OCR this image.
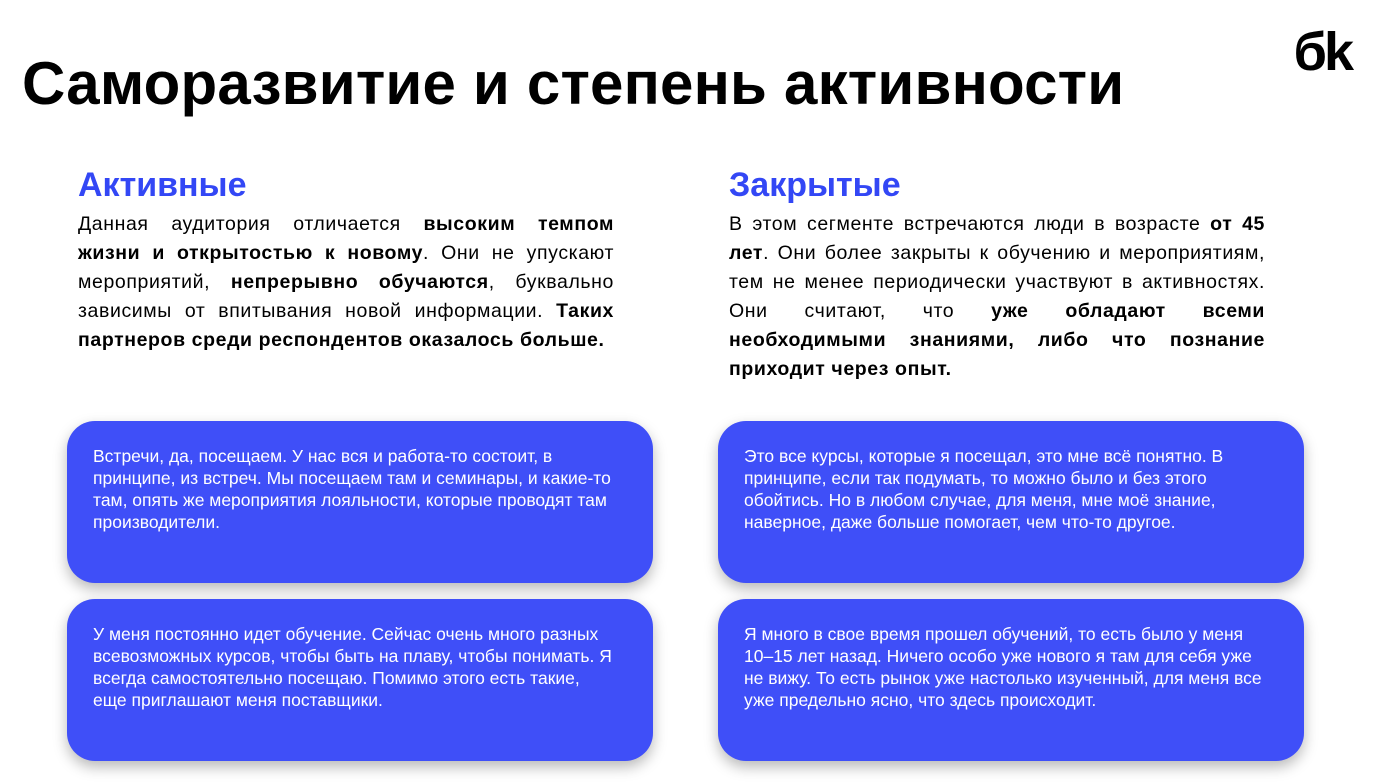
Саморазвитие и степень активности	бk
Активные

Данная аудитория отличается высоким темпом жизни и открытостью к новому. Они не упускают мероприятий, непрерывно обучаются, буквально зависимы от впитывания новой информации. Таких партнеров среди респондентов оказалось больше.

Закрытые

В этом сегменте встречаются люди в возрасте от 45 лет. Они более закрыты к обучению и мероприятиям, тем не менее периодически участвуют в активностях. Они считают, что уже обладают всеми необходимыми знаниями, либо что познание приходит через опыт.

Встречи, да, посещаем. У нас вся и работа-то состоит, в принципе, из встреч. Мы посещаем там и семинары, и какие-то там, опять же мероприятия лояльности, которые проводят там производители.
Это все курсы, которые я посещал, это мне всё понятно. В принципе, если так подумать, то можно было и без этого обойтись. Но в любом случае, для меня, мне моё знание, наверное, даже больше помогает, чем что-то другое.
У меня постоянно идет обучение. Сейчас очень много разных всевозможных курсов, чтобы быть на плаву, чтобы понимать. Я всегда самостоятельно посещаю. Помимо этого есть такие, еще приглашают меня поставщики.
Я много в свое время прошел обучений, то есть было у меня 10–15 лет назад. Ничего особо уже нового я там для себя уже не вижу. То есть рынок уже настолько изученный, для меня все уже предельно ясно, что здесь происходит.
